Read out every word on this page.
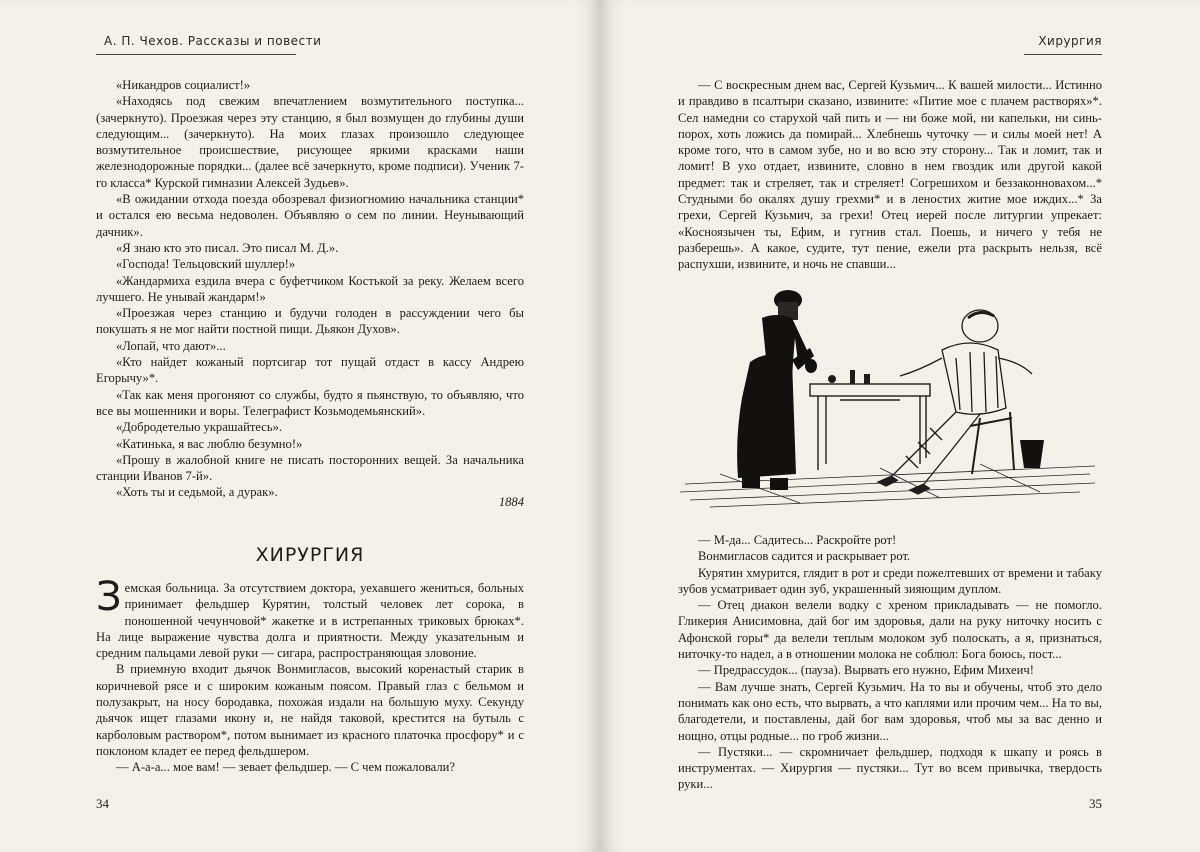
А. П. Чехов. Рассказы и повести

«Никандров социалист!»

«Находясь под свежим впечатлением возмутительного поступка... (зачеркнуто). Проезжая через эту станцию, я был возмущен до глубины души следующим... (зачеркнуто). На моих глазах произошло следующее возмутительное происшествие, рисующее яркими красками наши железнодорожные порядки... (далее всё зачеркнуто, кроме подписи). Ученик 7-го класса* Курской гимназии Алексей Зудьев».

«В ожидании отхода поезда обозревал физиогномию начальника станции* и остался ею весьма недоволен. Объявляю о сем по линии. Неунывающий дачник».

«Я знаю кто это писал. Это писал М. Д.».

«Господа! Тельцовский шуллер!»

«Жандармиха ездила вчера с буфетчиком Костькой за реку. Желаем всего лучшего. Не унывай жандарм!»

«Проезжая через станцию и будучи голоден в рассуждении чего бы покушать я не мог найти постной пищи. Дьякон Духов».

«Лопай, что дают»...

«Кто найдет кожаный портсигар тот пущай отдаст в кассу Андрею Егорычу»*.

«Так как меня прогоняют со службы, будто я пьянствую, то объявляю, что все вы мошенники и воры. Телеграфист Козьмодемьянский».

«Добродетелью украшайтесь».

«Катинька, я вас люблю безумно!»

«Прошу в жалобной книге не писать посторонних вещей. За начальника станции Иванов 7-й».

«Хоть ты и седьмой, а дурак».

1884
ХИРУРГИЯ

Земская больница. За отсутствием доктора, уехавшего жениться, больных принимает фельдшер Курятин, толстый человек лет сорока, в поношенной чечунчовой* жакетке и в истрепанных триковых брюках*. На лице выражение чувства долга и приятности. Между указательным и средним пальцами левой руки — сигара, распространяющая зловоние.

В приемную входит дьячок Вонмигласов, высокий коренастый старик в коричневой рясе и с широким кожаным поясом. Правый глаз с бельмом и полузакрыт, на носу бородавка, похожая издали на большую муху. Секунду дьячок ищет глазами икону и, не найдя таковой, крестится на бутыль с карболовым раствором*, потом вынимает из красного платочка просфору* и с поклоном кладет ее перед фельдшером.

— А-а-а... мое вам! — зевает фельдшер. — С чем пожаловали?

34
Хирургия
35

— С воскресным днем вас, Сергей Кузьмич... К вашей милости... Истинно и правдиво в псалтыри сказано, извините: «Питие мое с плачем растворях»*. Сел намедни со старухой чай пить и — ни боже мой, ни капельки, ни синь-порох, хоть ложись да помирай... Хлебнешь чуточку — и силы моей нет! А кроме того, что в самом зубе, но и во всю эту сторону... Так и ломит, так и ломит! В ухо отдает, извините, словно в нем гвоздик или другой какой предмет: так и стреляет, так и стреляет! Согрешихом и беззаконноваxом...* Студными бо окаляx душу грехми* и в леностиx житие мое иждих...* За грехи, Сергей Кузьмич, за грехи! Отец иерей после литургии упрекает: «Косноязычен ты, Ефим, и гугнив стал. Поешь, и ничего у тебя не разберешь». А какое, судите, тут пение, ежели рта раскрыть нельзя, всё распухши, извините, и ночь не спавши...

— М-да... Садитесь... Раскройте рот!

Вонмигласов садится и раскрывает рот.

Курятин хмурится, глядит в рот и среди пожелтевших от времени и табаку зубов усматривает один зуб, украшенный зияющим дуплом.

— Отец диакон велели водку с хреном прикладывать — не помогло. Гликерия Анисимовна, дай бог им здоровья, дали на руку ниточку носить с Афонской горы* да велели теплым молоком зуб полоскать, а я, признаться, ниточку-то надел, а в отношении молока не соблюл: Бога боюсь, пост...

— Предрассудок... (пауза). Вырвать его нужно, Ефим Михеич!

— Вам лучше знать, Сергей Кузьмич. На то вы и обучены, чтоб это дело понимать как оно есть, что вырвать, а что каплями или прочим чем... На то вы, благодетели, и поставлены, дай бог вам здоровья, чтоб мы за вас денно и нощно, отцы родные... по гроб жизни...

— Пустяки... — скромничает фельдшер, подходя к шкапу и роясь в инструментах. — Хирургия — пустяки... Тут во всем привычка, твердость руки...
